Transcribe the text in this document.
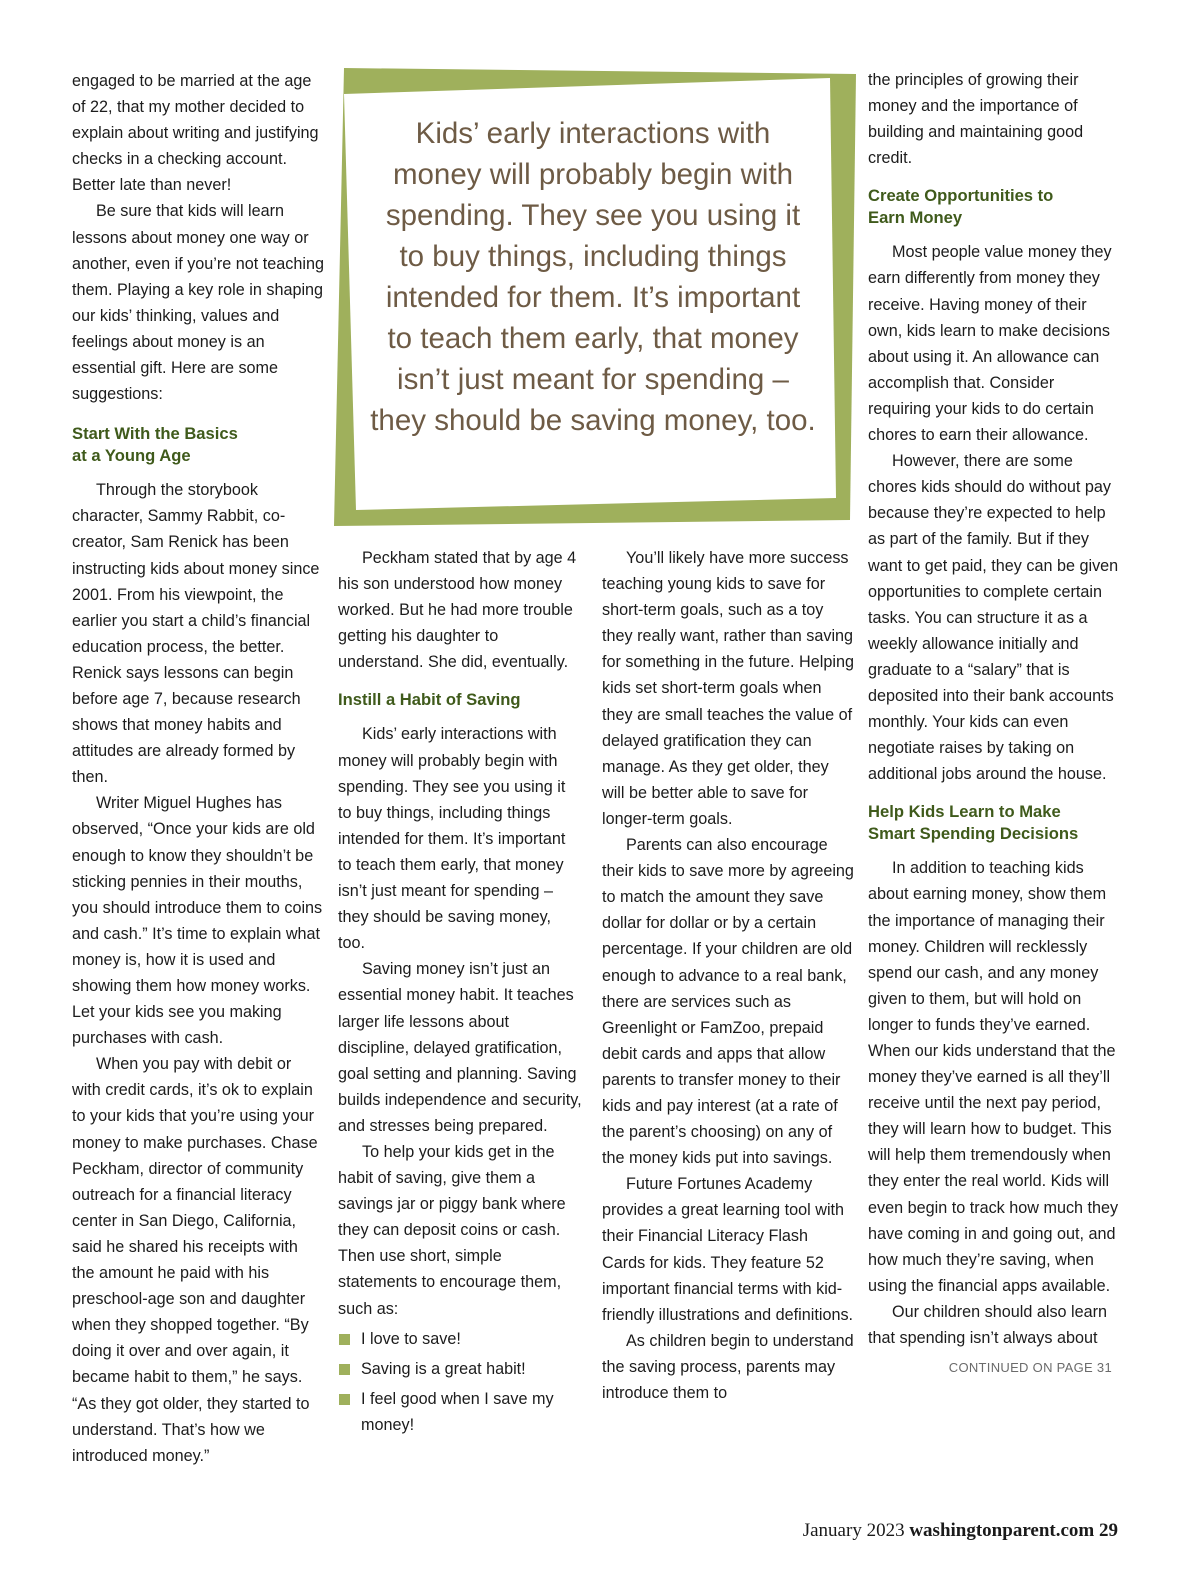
Kids’ early interactions with money will probably begin with spending. They see you using it to buy things, including things intended for them. It’s important to teach them early, that money isn’t just meant for spending – they should be saving money, too.

engaged to be married at the age of 22, that my mother decided to explain about writing and justifying checks in a checking account. Better late than never!

Be sure that kids will learn lessons about money one way or another, even if you’re not teaching them. Playing a key role in shaping our kids’ thinking, values and feelings about money is an essential gift. Here are some suggestions:

Start With the Basics
at a Young Age

Through the storybook character, Sammy Rabbit, co-creator, Sam Renick has been instructing kids about money since 2001. From his viewpoint, the earlier you start a child’s financial education process, the better. Renick says lessons can begin before age 7, because research shows that money habits and attitudes are already formed by then.

Writer Miguel Hughes has observed, “Once your kids are old enough to know they shouldn’t be sticking pennies in their mouths, you should introduce them to coins and cash.” It’s time to explain what money is, how it is used and showing them how money works. Let your kids see you making purchases with cash.

When you pay with debit or with credit cards, it’s ok to explain to your kids that you’re using your money to make purchases. Chase Peckham, director of community outreach for a financial literacy center in San Diego, California, said he shared his receipts with the amount he paid with his preschool-age son and daughter when they shopped together. “By doing it over and over again, it became habit to them,” he says. “As they got older, they started to understand. That’s how we introduced money.”

Peckham stated that by age 4 his son understood how money worked. But he had more trouble getting his daughter to understand. She did, eventually.

Instill a Habit of Saving

Kids’ early interactions with money will probably begin with spending. They see you using it to buy things, including things intended for them. It’s important to teach them early, that money isn’t just meant for spending – they should be saving money, too.

Saving money isn’t just an essential money habit. It teaches larger life lessons about discipline, delayed gratification, goal setting and planning. Saving builds independence and security, and stresses being prepared.

To help your kids get in the habit of saving, give them a savings jar or piggy bank where they can deposit coins or cash. Then use short, simple statements to encourage them, such as:

I love to save!
Saving is a great habit!
I feel good when I save my money!

You’ll likely have more success teaching young kids to save for short-term goals, such as a toy they really want, rather than saving for something in the future. Helping kids set short-term goals when they are small teaches the value of delayed gratification they can manage. As they get older, they will be better able to save for longer-term goals.

Parents can also encourage their kids to save more by agreeing to match the amount they save dollar for dollar or by a certain percentage. If your children are old enough to advance to a real bank, there are services such as Greenlight or FamZoo, prepaid debit cards and apps that allow parents to transfer money to their kids and pay interest (at a rate of the parent’s choosing) on any of the money kids put into savings.

Future Fortunes Academy provides a great learning tool with their Financial Literacy Flash Cards for kids. They feature 52 important financial terms with kid-friendly illustrations and definitions.

As children begin to understand the saving process, parents may introduce them to

the principles of growing their money and the importance of building and maintaining good credit.

Create Opportunities to
Earn Money

Most people value money they earn differently from money they receive. Having money of their own, kids learn to make decisions about using it. An allowance can accomplish that. Consider requiring your kids to do certain chores to earn their allowance.

However, there are some chores kids should do without pay because they’re expected to help as part of the family. But if they want to get paid, they can be given opportunities to complete certain tasks. You can structure it as a weekly allowance initially and graduate to a “salary” that is deposited into their bank accounts monthly. Your kids can even negotiate raises by taking on additional jobs around the house.

Help Kids Learn to Make
Smart Spending Decisions

In addition to teaching kids about earning money, show them the importance of managing their money. Children will recklessly spend our cash, and any money given to them, but will hold on longer to funds they’ve earned. When our kids understand that the money they’ve earned is all they’ll receive until the next pay period, they will learn how to budget. This will help them tremendously when they enter the real world. Kids will even begin to track how much they have coming in and going out, and how much they’re saving, when using the financial apps available.

Our children should also learn that spending isn’t always about

CONTINUED ON PAGE 31
January 2023 washingtonparent.com 29
